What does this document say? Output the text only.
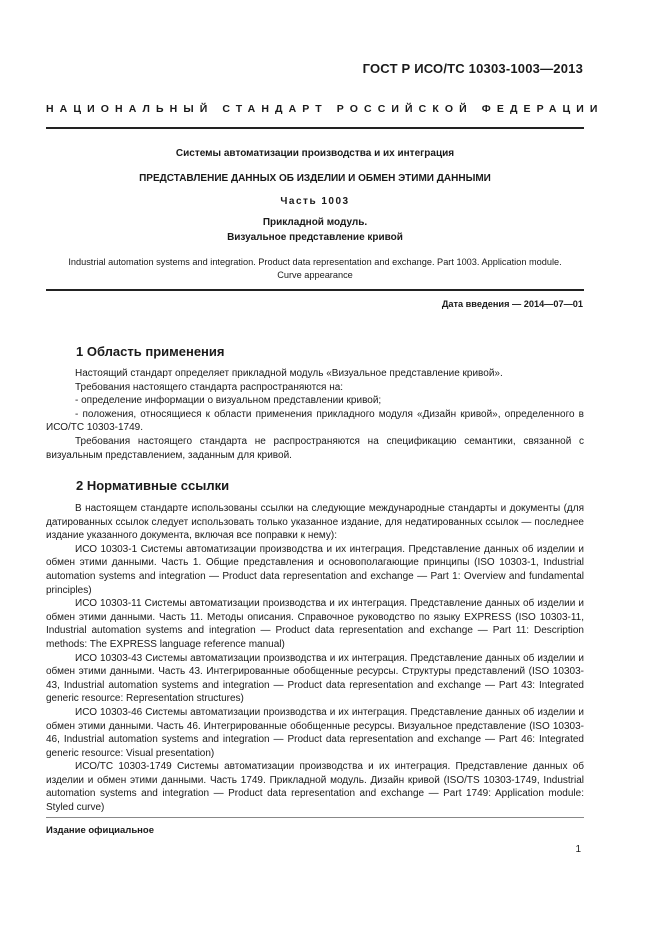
ГОСТ Р ИСО/ТС 10303-1003—2013
НАЦИОНАЛЬНЫЙ СТАНДАРТ РОССИЙСКОЙ ФЕДЕРАЦИИ
Системы автоматизации производства и их интеграция
ПРЕДСТАВЛЕНИЕ ДАННЫХ ОБ ИЗДЕЛИИ И ОБМЕН ЭТИМИ ДАННЫМИ
Часть 1003
Прикладной модуль.
Визуальное представление кривой
Industrial automation systems and integration. Product data representation and exchange. Part 1003. Application module. Curve appearance
Дата введения — 2014—07—01
1 Область применения

Настоящий стандарт определяет прикладной модуль «Визуальное представление кривой».

Требования настоящего стандарта распространяются на:

- определение информации о визуальном представлении кривой;

- положения, относящиеся к области применения прикладного модуля «Дизайн кривой», определенного в ИСО/ТС 10303-1749.

Требования настоящего стандарта не распространяются на спецификацию семантики, связанной с визуальным представлением, заданным для кривой.

2 Нормативные ссылки

В настоящем стандарте использованы ссылки на следующие международные стандарты и документы (для датированных ссылок следует использовать только указанное издание, для недатированных ссылок — последнее издание указанного документа, включая все поправки к нему):

ИСО 10303-1 Системы автоматизации производства и их интеграция. Представление данных об изделии и обмен этими данными. Часть 1. Общие представления и основополагающие принципы (ISO 10303-1, Industrial automation systems and integration — Product data representation and exchange — Part 1: Overview and fundamental principles)

ИСО 10303-11 Системы автоматизации производства и их интеграция. Представление данных об изделии и обмен этими данными. Часть 11. Методы описания. Справочное руководство по языку EXPRESS (ISO 10303-11, Industrial automation systems and integration — Product data representation and exchange — Part 11: Description methods: The EXPRESS language reference manual)

ИСО 10303-43 Системы автоматизации производства и их интеграция. Представление данных об изделии и обмен этими данными. Часть 43. Интегрированные обобщенные ресурсы. Структуры представлений (ISO 10303-43, Industrial automation systems and integration — Product data representation and exchange — Part 43: Integrated generic resource: Representation structures)

ИСО 10303-46 Системы автоматизации производства и их интеграция. Представление данных об изделии и обмен этими данными. Часть 46. Интегрированные обобщенные ресурсы. Визуальное представление (ISO 10303-46, Industrial automation systems and integration — Product data representation and exchange — Part 46: Integrated generic resource: Visual presentation)

ИСО/ТС 10303-1749 Системы автоматизации производства и их интеграция. Представление данных об изделии и обмен этими данными. Часть 1749. Прикладной модуль. Дизайн кривой (ISO/TS 10303-1749, Industrial automation systems and integration — Product data representation and exchange — Part 1749: Application module: Styled curve)

Издание официальное
1
